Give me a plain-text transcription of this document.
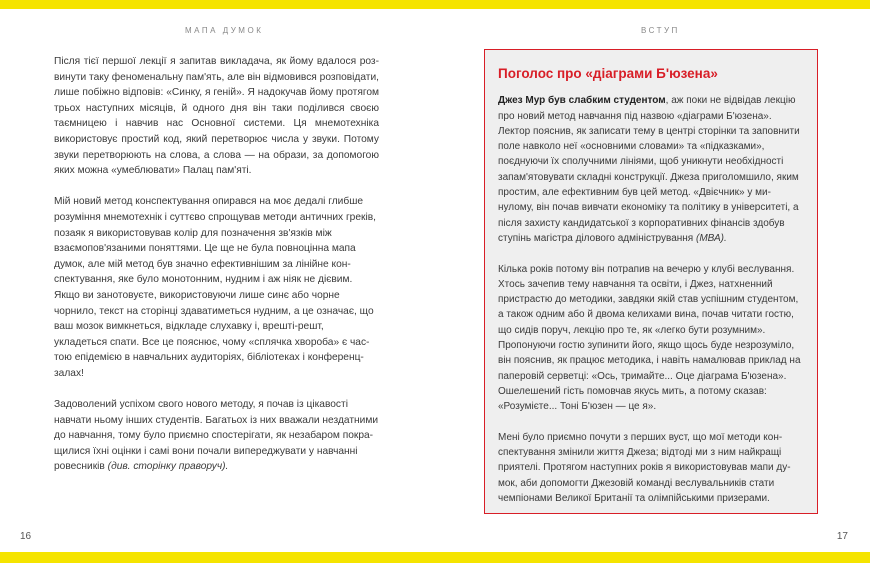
МАПА ДУМОК	ВСТУП

Після тієї першої лекції я запитав викладача, як йому вдалося розвинути таку феноменальну пам'ять, але він відмовився розповідати, лише побіжно відповів: «Синку, я геній». Я надокучав йому протягом трьох наступних місяців, й одного дня він таки поділився своєю таємницею і навчив нас Основної системи. Ця мнемотехніка використовує простий код, який перетворює числа у звуки. Потому звуки перетворюють на слова, а слова — на образи, за допомогою яких можна «умеблювати» Палац пам'яті.

Мій новий метод конспектування опирався на моє дедалі глибше розуміння мнемотехнік і суттєво спрощував методи античних греків, позаяк я використовував колір для позначення зв'язків між взаємопов'язаними поняттями. Це ще не була повноцінна мапа думок, але мій метод був значно ефективнішим за лінійне конспектування, яке було монотонним, нудним і аж ніяк не дієвим. Якщо ви занотовуєте, використовуючи лише синє або чорне чорнило, текст на сторінці здаватиметься нудним, а це означає, що ваш мозок вимкнеться, відкладе слухавку і, врешті-решт, укладеться спати. Все це пояснює, чому «сплячка хвороба» є частою епідемією в навчальних аудиторіях, бібліотеках і конференц-залах!

Задоволений успіхом свого нового методу, я почав із цікавості навчати ньому інших студентів. Багатьох із них вважали нездатними до навчання, тому було приємно спостерігати, як незабаром покращилися їхні оцінки і самі вони почали випереджувати у навчанні ровесників (див. сторінку праворуч).

Поголос про «діаграми Б'юзена»

Джез Мур був слабким студентом, аж поки не відвідав лекцію про новий метод навчання під назвою «діаграми Б'юзена». Лектор пояснив, як записати тему в центрі сторінки та заповнити поле навколо неї «основними словами» та «підказками», поєднуючи їх сполучними лініями, щоб уникнути необхідності запам'ятовувати складні конструкції. Джеза приголомшило, яким простим, але ефективним був цей метод. «Двієчник» у минулому, він почав вивчати економіку та політику в університеті, а після захисту кандидатської з корпоративних фінансів здобув ступінь магістра ділового адміністрування (МВА).

Кілька років потому він потрапив на вечерю у клубі веслування. Хтось зачепив тему навчання та освіти, і Джез, натхненний пристрастю до методики, завдяки якій став успішним студентом, а також одним або й двома келихами вина, почав читати гостю, що сидів поруч, лекцію про те, як «легко бути розумним». Пропонуючи гостю зупинити його, якщо щось буде незрозуміло, він пояснив, як працює методика, і навіть намалював приклад на паперовій серветці: «Ось, тримайте... Оце діаграма Б'юзена». Ошелешений гість помовчав якусь мить, а потому сказав: «Розумієте... Тоні Б'юзен — це я».

Мені було приємно почути з перших вуст, що мої методи конспектування змінили життя Джеза; відтоді ми з ним найкращі приятелі. Протягом наступних років я використовував мапи думок, аби допомогти Джезовій команді веслувальників стати чемпіонами Великої Британії та олімпійськими призерами.

16	17
